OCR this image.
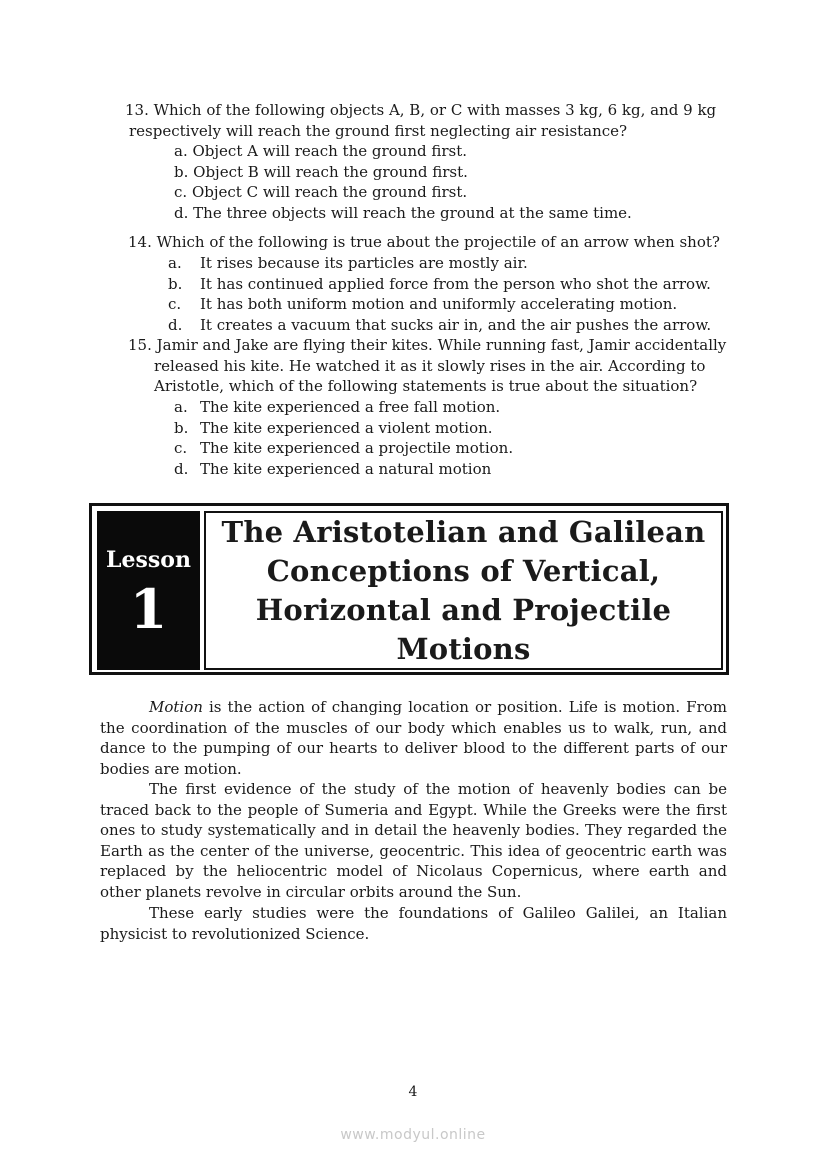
13. Which of the following objects A, B, or C with masses 3 kg, 6 kg, and 9 kg
respectively will reach the ground first neglecting air resistance?
a. Object A will reach the ground first.
b. Object B will reach the ground first.
c. Object C will reach the ground first.
d. The three objects will reach the ground at the same time.
14. Which of the following is true about the projectile of an arrow when shot?
a. It rises because its particles are mostly air.
b. It has continued applied force from the person who shot the arrow.
c. It has both uniform motion and uniformly accelerating motion.
d. It creates a vacuum that sucks air in, and the air pushes the arrow.
15. Jamir and Jake are flying their kites. While running fast, Jamir accidentally
released his kite. He watched it as it slowly rises in the air. According to
Aristotle, which of the following statements is true about the situation?
a. The kite experienced a free fall motion.
b. The kite experienced a violent motion.
c. The kite experienced a projectile motion.
d. The kite experienced a natural motion
Lesson
1
The Aristotelian and Galilean Conceptions of Vertical, Horizontal and Projectile Motions

Motion is the action of changing location or position. Life is motion. From the coordination of the muscles of our body which enables us to walk, run, and dance to the pumping of our hearts to deliver blood to the different parts of our bodies are motion.

The first evidence of the study of the motion of heavenly bodies can be traced back to the people of Sumeria and Egypt. While the Greeks were the first ones to study systematically and in detail the heavenly bodies. They regarded the Earth as the center of the universe, geocentric. This idea of geocentric earth was replaced by the heliocentric model of Nicolaus Copernicus, where earth and other planets revolve in circular orbits around the Sun.

These early studies were the foundations of Galileo Galilei, an Italian physicist to revolutionized Science.

4
www.modyul.online
